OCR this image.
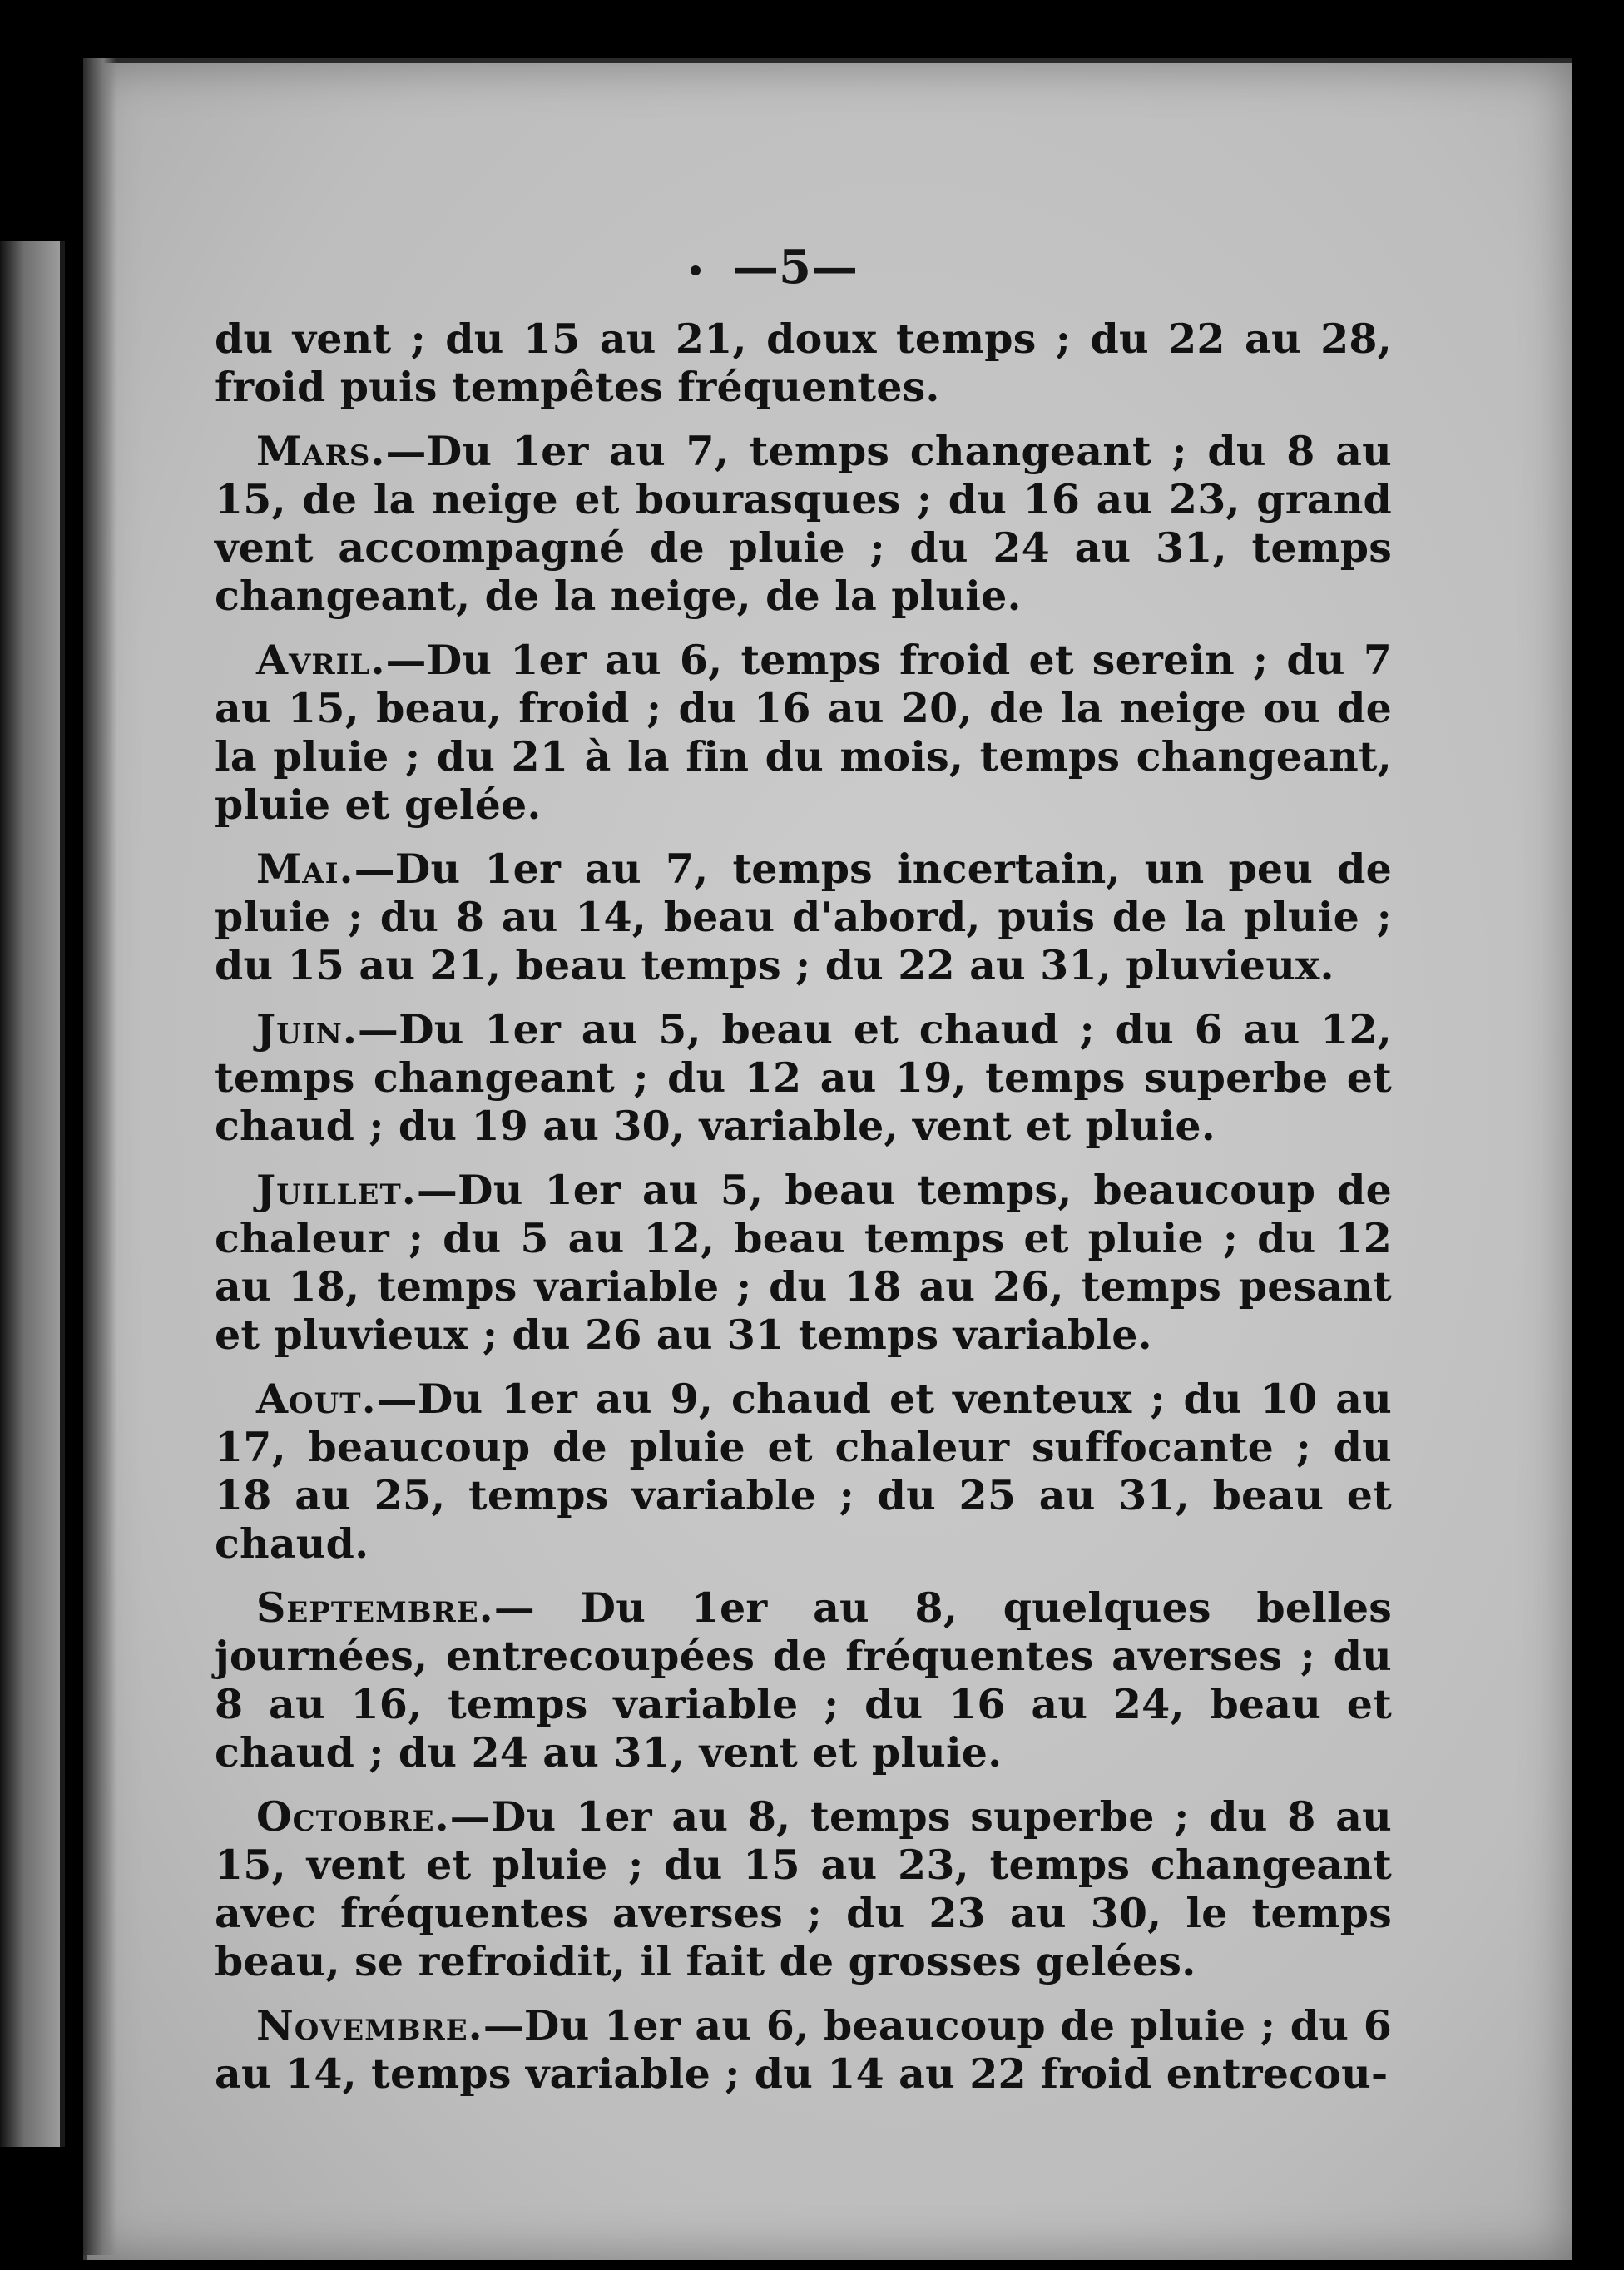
—5—

du vent ; du 15 au 21, doux temps ; du 22 au 28, froid puis tempêtes fréquentes.

Mars.—Du 1er au 7, temps changeant ; du 8 au 15, de la neige et bourasques ; du 16 au 23, grand vent accompagné de pluie ; du 24 au 31, temps changeant, de la neige, de la pluie.

Avril.—Du 1er au 6, temps froid et serein ; du 7 au 15, beau, froid ; du 16 au 20, de la neige ou de la pluie ; du 21 à la fin du mois, temps changeant, pluie et gelée.

Mai.—Du 1er au 7, temps incertain, un peu de pluie ; du 8 au 14, beau d'abord, puis de la pluie ; du 15 au 21, beau temps ; du 22 au 31, pluvieux.

Juin.—Du 1er au 5, beau et chaud ; du 6 au 12, temps changeant ; du 12 au 19, temps superbe et chaud ; du 19 au 30, variable, vent et pluie.

Juillet.—Du 1er au 5, beau temps, beaucoup de chaleur ; du 5 au 12, beau temps et pluie ; du 12 au 18, temps variable ; du 18 au 26, temps pesant et pluvieux ; du 26 au 31 temps variable.

Aout.—Du 1er au 9, chaud et venteux ; du 10 au 17, beaucoup de pluie et chaleur suffocante ; du 18 au 25, temps variable ; du 25 au 31, beau et chaud.

Septembre.— Du 1er au 8, quelques belles journées, entrecoupées de fréquentes averses ; du 8 au 16, temps variable ; du 16 au 24, beau et chaud ; du 24 au 31, vent et pluie.

Octobre.—Du 1er au 8, temps superbe ; du 8 au 15, vent et pluie ; du 15 au 23, temps changeant avec fréquentes averses ; du 23 au 30, le temps beau, se refroidit, il fait de grosses gelées.

Novembre.—Du 1er au 6, beaucoup de pluie ; du 6 au 14, temps variable ; du 14 au 22 froid entrecou-
